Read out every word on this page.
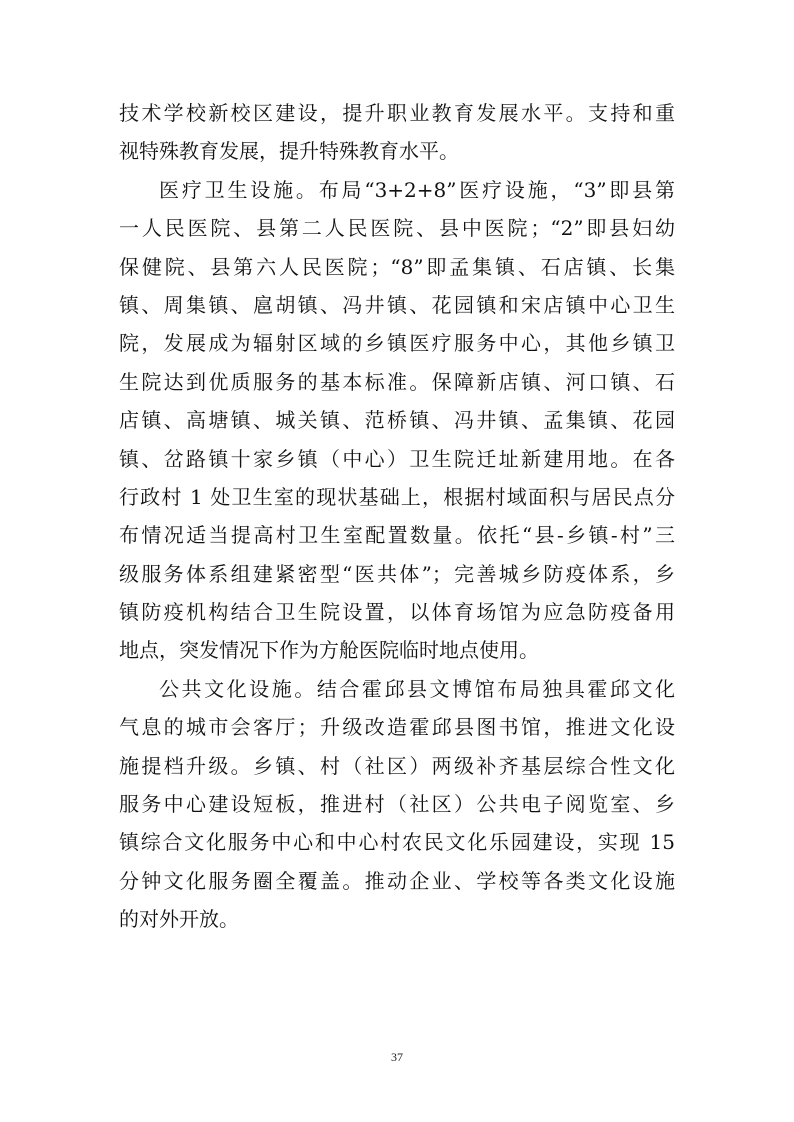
技术学校新校区建设，提升职业教育发展水平。支持和重
视特殊教育发展，提升特殊教育水平。
医疗卫生设施。布局“3+2+8”医疗设施，“3”即县第
一人民医院、县第二人民医院、县中医院；“2”即县妇幼
保健院、县第六人民医院；“8”即孟集镇、石店镇、长集
镇、周集镇、扈胡镇、冯井镇、花园镇和宋店镇中心卫生
院，发展成为辐射区域的乡镇医疗服务中心，其他乡镇卫
生院达到优质服务的基本标准。保障新店镇、河口镇、石
店镇、高塘镇、城关镇、范桥镇、冯井镇、孟集镇、花园
镇、岔路镇十家乡镇（中心）卫生院迁址新建用地。在各
行政村 1 处卫生室的现状基础上，根据村域面积与居民点分
布情况适当提高村卫生室配置数量。依托“县-乡镇-村”三
级服务体系组建紧密型“医共体”；完善城乡防疫体系，乡
镇防疫机构结合卫生院设置，以体育场馆为应急防疫备用
地点，突发情况下作为方舱医院临时地点使用。
公共文化设施。结合霍邱县文博馆布局独具霍邱文化
气息的城市会客厅；升级改造霍邱县图书馆，推进文化设
施提档升级。乡镇、村（社区）两级补齐基层综合性文化
服务中心建设短板，推进村（社区）公共电子阅览室、乡
镇综合文化服务中心和中心村农民文化乐园建设，实现 15
分钟文化服务圈全覆盖。推动企业、学校等各类文化设施
的对外开放。
37
